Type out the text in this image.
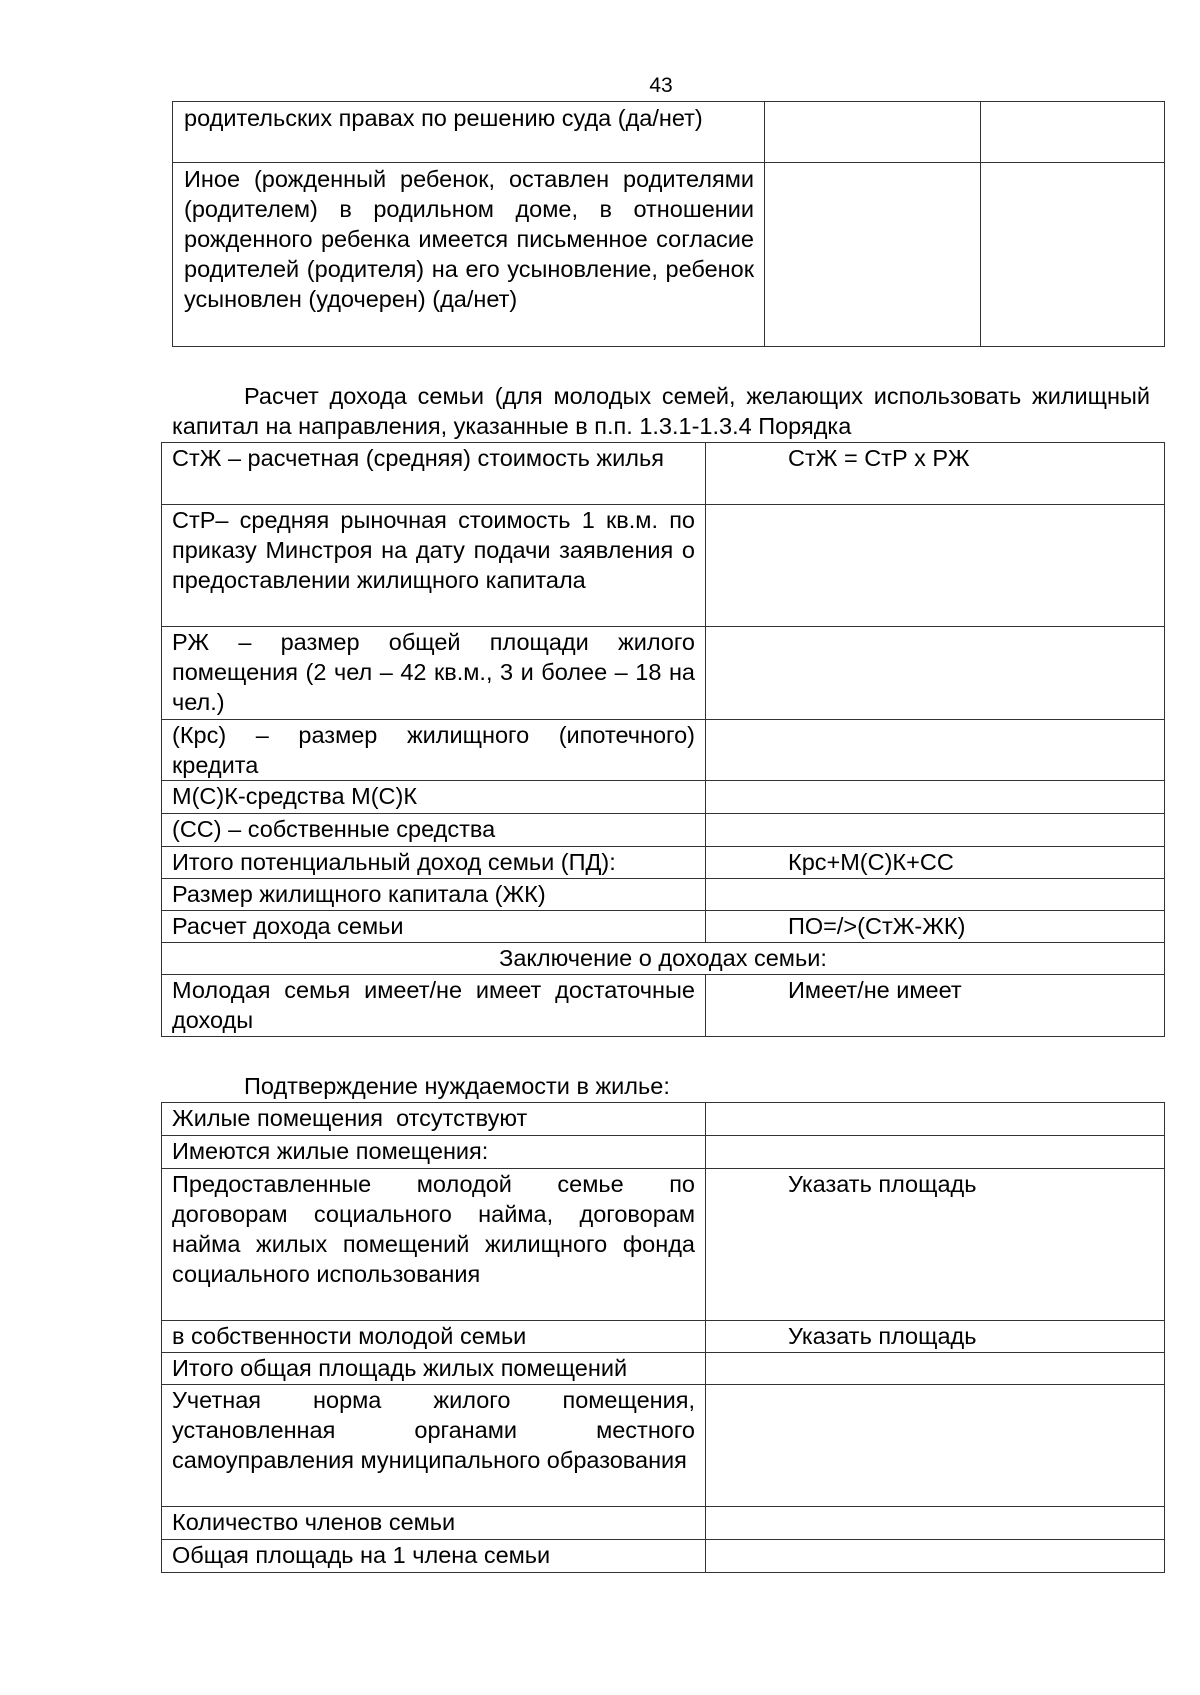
43
родительских правах по решению суда (да/нет)		
Иное (рожденный ребенок, оставлен родителями (родителем) в родильном доме, в отношении рожденного ребенка имеется письменное согласие родителей (родителя) на его усыновление, ребенок усыновлен (удочерен) (да/нет)		
Расчет дохода семьи (для молодых семей, желающих использовать жилищный капитал на направления, указанные в п.п. 1.3.1-1.3.4 Порядка
СтЖ – расчетная (средняя) стоимость жилья	СтЖ = СтР х РЖ
СтР– средняя рыночная стоимость 1 кв.м. по приказу Минстроя на дату подачи заявления о предоставлении жилищного капитала	
РЖ – размер общей площади жилого помещения (2 чел – 42 кв.м., 3 и более – 18 на чел.)	
(Крс) – размер жилищного (ипотечного) кредита	
М(С)К-средства М(С)К	
(СС) – собственные средства	
Итого потенциальный доход семьи (ПД):	Крс+М(С)К+СС
Размер жилищного капитала (ЖК)	
Расчет дохода семьи	ПО=/>(СтЖ-ЖК)
Заключение о доходах семьи:	
Молодая семья имеет/не имеет достаточные доходы	Имеет/не имеет
Подтверждение нуждаемости в жилье:
Жилые помещения  отсутствуют	
Имеются жилые помещения:	
Предоставленные молодой семье по договорам социального найма, договорам найма жилых помещений жилищного фонда социального использования	Указать площадь
в собственности молодой семьи	Указать площадь
Итого общая площадь жилых помещений	
Учетная норма жилого помещения, установленная органами местного самоуправления муниципального образования	
Количество членов семьи	
Общая площадь на 1 члена семьи	
